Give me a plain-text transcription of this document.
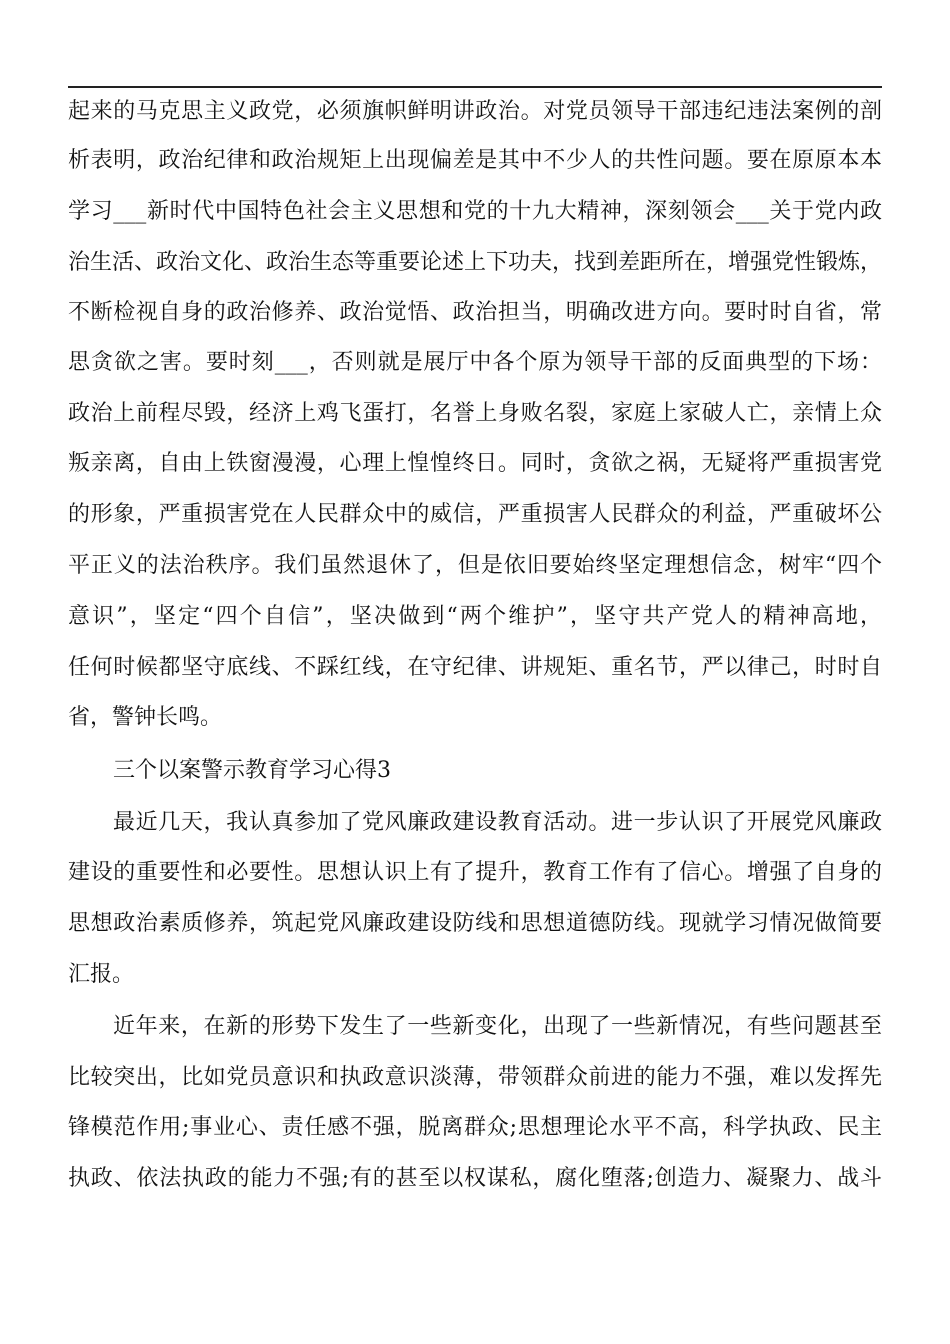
起来的马克思主义政党，必须旗帜鲜明讲政治。对党员领导干部违纪违法案例的剖
析表明，政治纪律和政治规矩上出现偏差是其中不少人的共性问题。要在原原本本
学习___新时代中国特色社会主义思想和党的十九大精神，深刻领会___关于党内政
治生活、政治文化、政治生态等重要论述上下功夫，找到差距所在，增强党性锻炼，
不断检视自身的政治修养、政治觉悟、政治担当，明确改进方向。要时时自省，常
思贪欲之害。要时刻___，否则就是展厅中各个原为领导干部的反面典型的下场：
政治上前程尽毁，经济上鸡飞蛋打，名誉上身败名裂，家庭上家破人亡，亲情上众
叛亲离，自由上铁窗漫漫，心理上惶惶终日。同时，贪欲之祸，无疑将严重损害党
的形象，严重损害党在人民群众中的威信，严重损害人民群众的利益，严重破坏公
平正义的法治秩序。我们虽然退休了，但是依旧要始终坚定理想信念，树牢“四个
意识”，坚定“四个自信”，坚决做到“两个维护”，坚守共产党人的精神高地，
任何时候都坚守底线、不踩红线，在守纪律、讲规矩、重名节，严以律己，时时自
省，警钟长鸣。
三个以案警示教育学习心得3
最近几天，我认真参加了党风廉政建设教育活动。进一步认识了开展党风廉政
建设的重要性和必要性。思想认识上有了提升，教育工作有了信心。增强了自身的
思想政治素质修养，筑起党风廉政建设防线和思想道德防线。现就学习情况做简要
汇报。
近年来，在新的形势下发生了一些新变化，出现了一些新情况，有些问题甚至
比较突出，比如党员意识和执政意识淡薄，带领群众前进的能力不强，难以发挥先
锋模范作用;事业心、责任感不强，脱离群众;思想理论水平不高，科学执政、民主
执政、依法执政的能力不强;有的甚至以权谋私，腐化堕落;创造力、凝聚力、战斗
